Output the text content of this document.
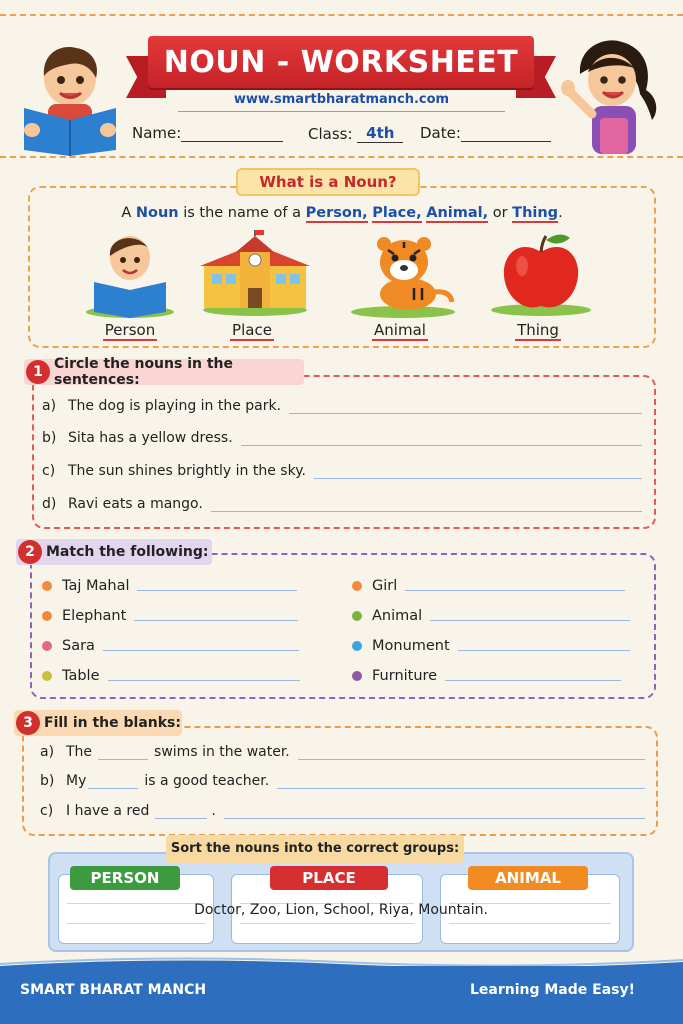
NOUN - WORKSHEET
www.smartbharatmanch.com
Name:	Class: 4th	Date:
What is a Noun?
A Noun is the name of a Person, Place, Animal, or Thing.
Person	Place	Animal	Thing
1 Circle the nouns in the sentences:
a) The dog is playing in the park.
b) Sita has a yellow dress.
c) The sun shines brightly in the sky.
d) Ravi eats a mango.
2 Match the following:
Taj Mahal
Elephant
Sara
Table
Girl
Animal
Monument
Furniture
3 Fill in the blanks:
a) The	swims in the water.
b) My	is a good teacher.
c) I have a red	.
Sort the nouns into the correct groups:
PERSON	PLACE	ANIMAL
Doctor, Zoo, Lion, School, Riya, Mountain.
SMART BHARAT MANCH	Learning Made Easy!
